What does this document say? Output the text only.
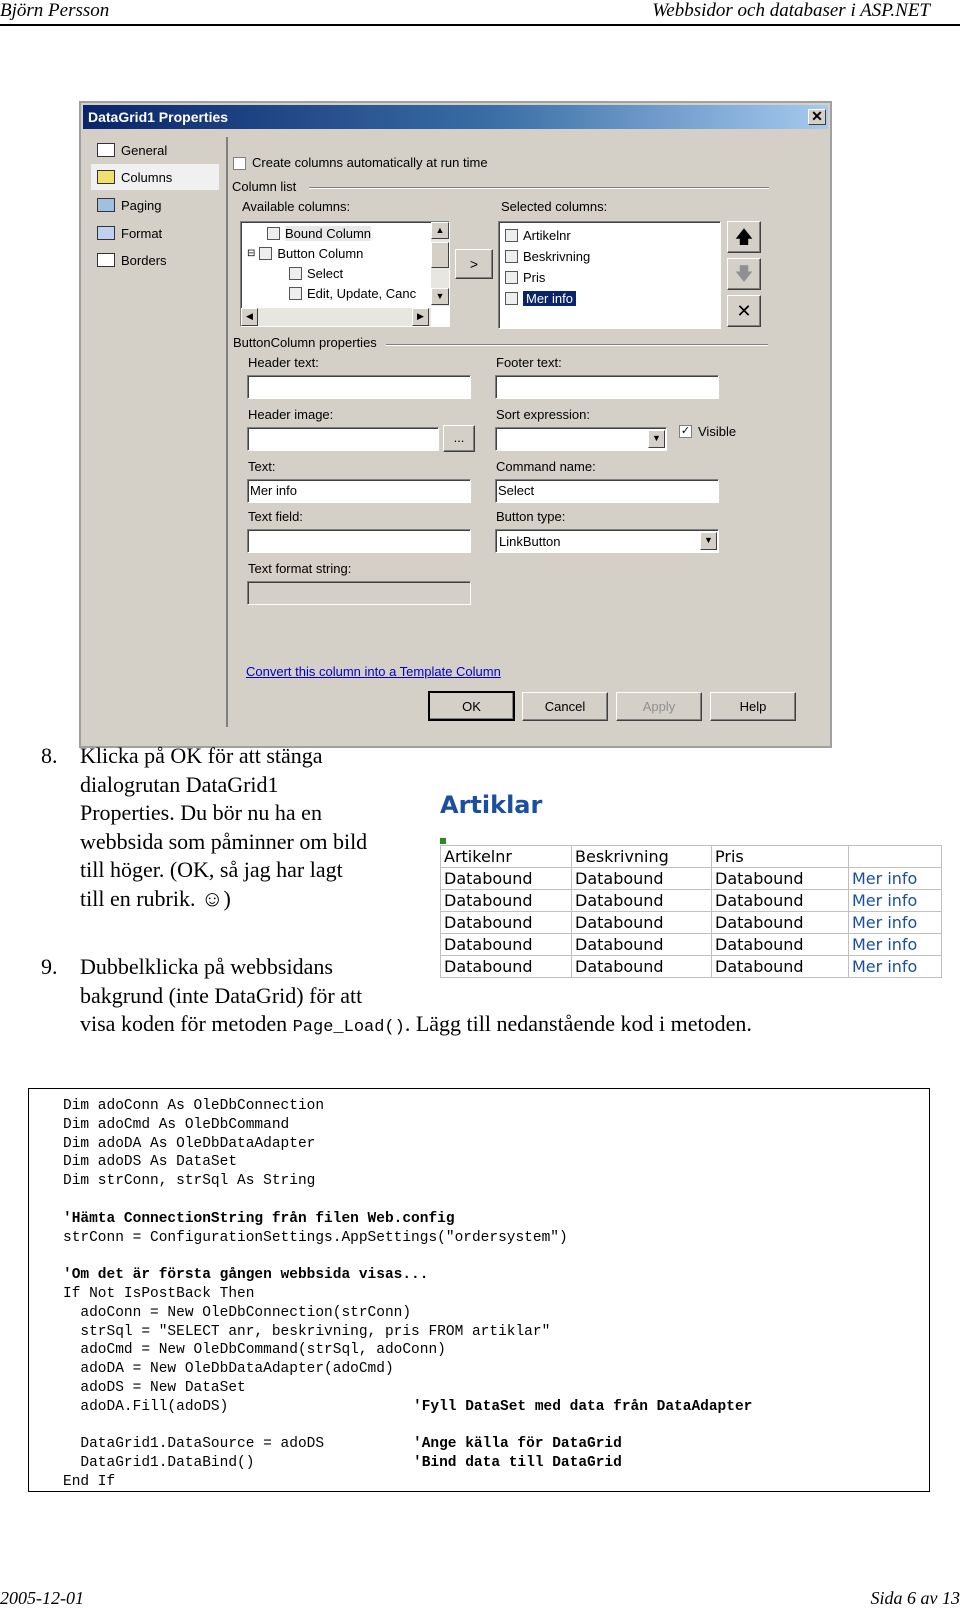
Björn Persson	Webbsidor och databaser i ASP.NET
DataGrid1 Properties	✕
General
Columns
Paging
Format
Borders
Create columns automatically at run time
Column list
Available columns:
Bound Column
⊟ Button Column
Select
Edit, Update, Canc
▲
▼
◀	▶
>
Selected columns:
Artikelnr
Beskrivning
Pris
Mer info
🡅
🡇
✕
ButtonColumn properties
Header text:	Footer text:
Header image:
...
Sort expression:
▼
✓ Visible
Text:
Mer info
Command name:
Select
Text field:	Button type:
LinkButton	▼
Text format string:
Convert this column into a Template Column
OK	Cancel	Apply	Help
8. Klicka på OK för att stänga
dialogrutan DataGrid1
Properties. Du bör nu ha en
webbsida som påminner om bild
till höger. (OK, så jag har lagt
till en rubrik. ☺)
9. Dubbelklicka på webbsidans
bakgrund (inte DataGrid) för att
visa koden för metoden Page_Load(). Lägg till nedanstående kod i metoden.
Artiklar
Artikelnr	Beskrivning	Pris	
Databound	Databound	Databound	Mer info
Databound	Databound	Databound	Mer info
Databound	Databound	Databound	Mer info
Databound	Databound	Databound	Mer info
Databound	Databound	Databound	Mer info
Dim adoConn As OleDbConnection
Dim adoCmd As OleDbCommand
Dim adoDA As OleDbDataAdapter
Dim adoDS As DataSet
Dim strConn, strSql As String

'Hämta ConnectionString från filen Web.config
strConn = ConfigurationSettings.AppSettings("ordersystem")

'Om det är första gången webbsida visas...
If Not IsPostBack Then
adoConn = New OleDbConnection(strConn)
strSql = "SELECT anr, beskrivning, pris FROM artiklar"
adoCmd = New OleDbCommand(strSql, adoConn)
adoDA = New OleDbDataAdapter(adoCmd)
adoDS = New DataSet
adoDA.Fill(adoDS)	'Fyll DataSet med data från DataAdapter

DataGrid1.DataSource = adoDS	'Ange källa för DataGrid
DataGrid1.DataBind()	'Bind data till DataGrid
End If
2005-12-01	Sida 6 av 13
